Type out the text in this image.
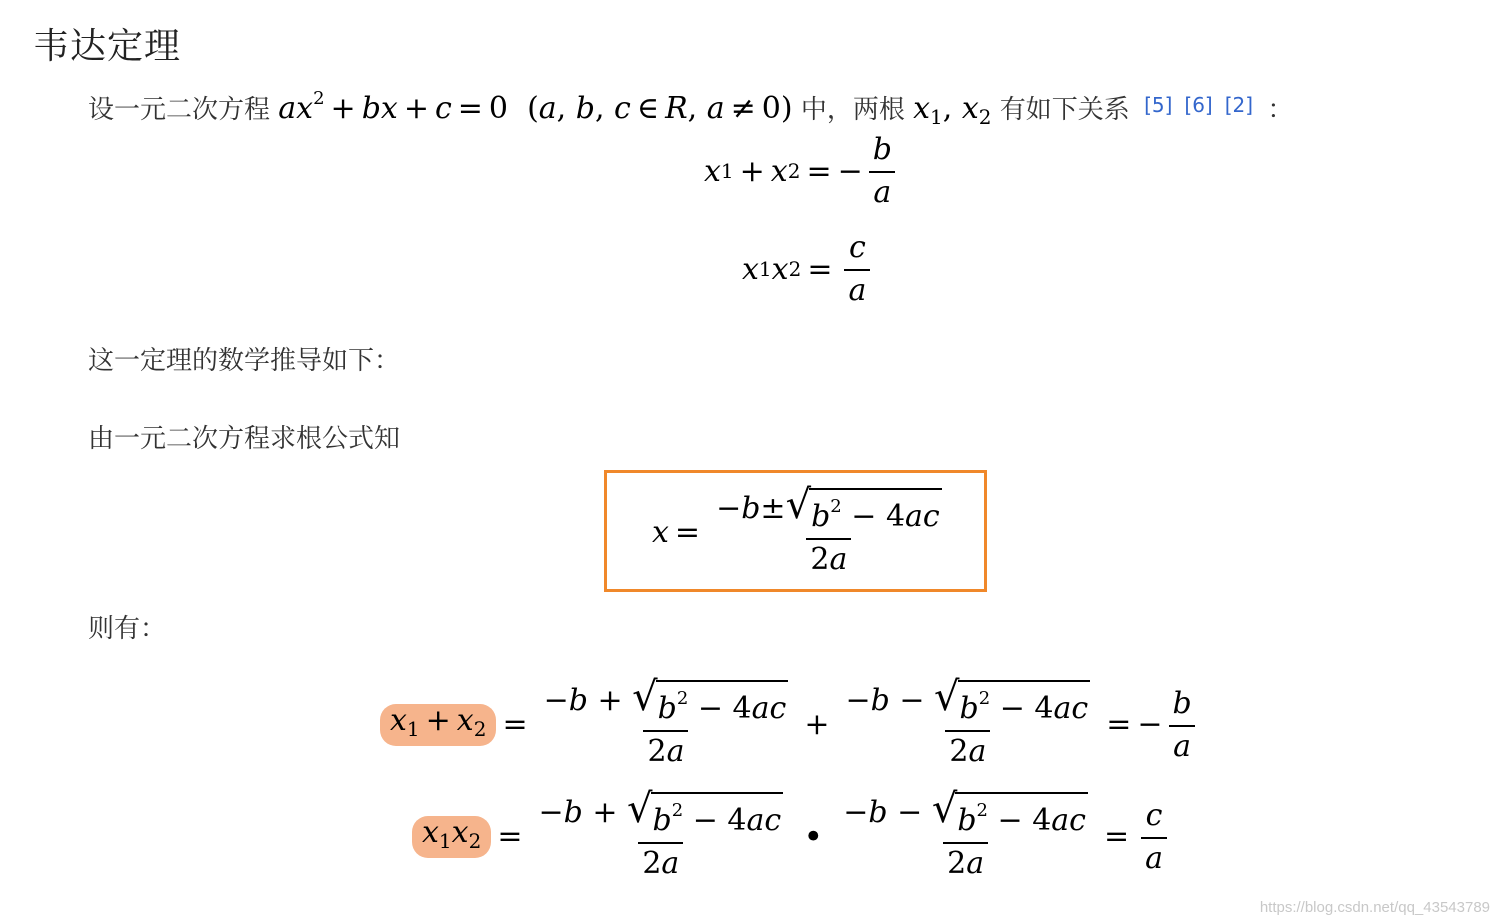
韦达定理
设一元二次方程 $ax^2$ + bx + c = 0  (a, b, c ∈ R, a ≠ 0) 中，两根 $x_1$, $x_2$ 有如下关系 [5] [6] [2] ：
x 1 + x 2 = − $\frac{b}{a}$
x 1 x $2 = \frac{c}{a}$
这一定理的数学推导如下：
由一元二次方程求根公式知
$x = \frac{-b\pm √ b^2 - 4ac}{2a}$
则有：
$x_1 + x_2 = \frac{-b + √ b^2 - 4ac}{2a} + \frac{-b - √ b^2 - 4ac}{2a}$ = − $\frac{b}{a}$
$x_1x_2 = \frac{-b + √ b^2 - 4ac}{2a}$ • $\frac{-b - √ b^2 - 4ac}{2a} = \frac{c}{a}$
https://blog.csdn.net/qq_43543789
